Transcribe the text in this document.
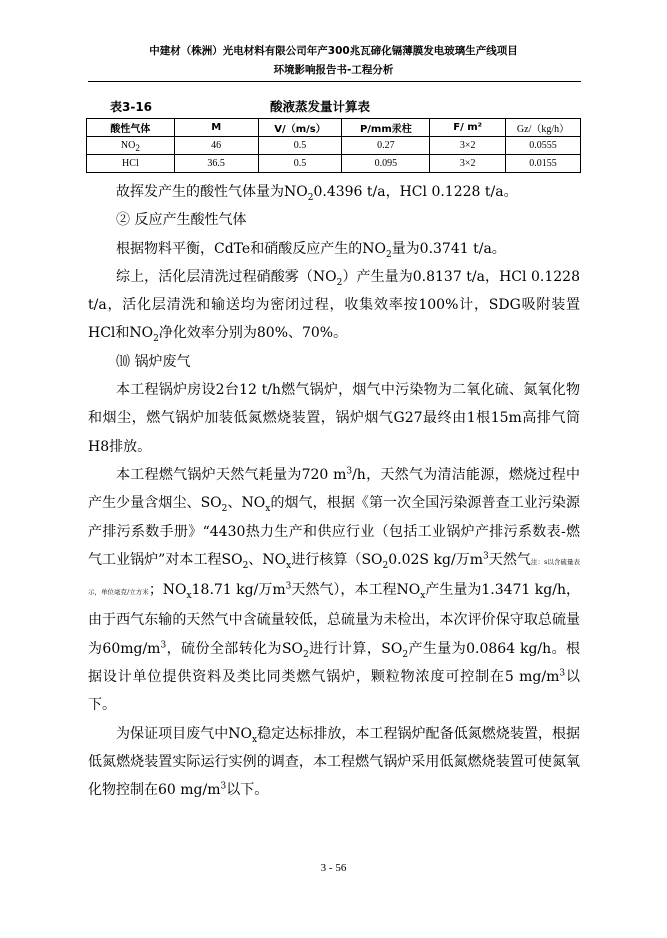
中建材（株洲）光电材料有限公司年产300兆瓦碲化镉薄膜发电玻璃生产线项目
环境影响报告书-工程分析
表3-16	酸液蒸发量计算表
酸性气体	M	V/（m/s）	P/mm汞柱	F/ m²	Gz/（kg/h）
$NO_2$	46	0.5	0.27	3×2	0.0555
HCl	36.5	0.5	0.095	3×2	0.0155

故挥发产生的酸性气体量为$NO_20.4396$ t/a，HCl 0.1228 t/a。

② 反应产生酸性气体

根据物料平衡，CdTe和硝酸反应产生的$NO_2$量为0.3741 t/a。

综上，活化层清洗过程硝酸雾$(NO_2)$产生量为0.8137 t/a，HCl 0.1228 t/a，活化层清洗和输送均为密闭过程，收集效率按100%计，SDG吸附装置HCl和$NO_2$净化效率分别为80%、70%。

⑽ 锅炉废气

本工程锅炉房设2台12 t/h燃气锅炉，烟气中污染物为二氧化硫、氮氧化物和烟尘，燃气锅炉加装低氮燃烧装置，锅炉烟气G27最终由1根15m高排气筒H8排放。

本工程燃气锅炉天然气耗量为720 $m^3/h$，天然气为清洁能源，燃烧过程中产生少量含烟尘、$SO_2$、$NO_x$的烟气，根据《第一次全国污染源普查工业污染源产排污系数手册》“4430热力生产和供应行业（包括工业锅炉产排污系数表-燃气工业锅炉”对本工程$SO_2$、$NO_x$进行核算（$SO_20.02S$ kg/万$m^3$天然气注：s以含硫量表示，单位毫克/立方米；$NO_x18.71$ kg/万$m^3$天然气），本工程$NO_x$产生量为1.3471 kg/h，由于西气东输的天然气中含硫量较低，总硫量为未检出，本次评价保守取总硫量为$60mg/m^3$，硫份全部转化为$SO_2$进行计算，$SO_2$产生量为0.0864 kg/h。根据设计单位提供资料及类比同类燃气锅炉，颗粒物浓度可控制在5 $mg/m^3$以下。

为保证项目废气中$NO_x$稳定达标排放，本工程锅炉配备低氮燃烧装置，根据低氮燃烧装置实际运行实例的调查，本工程燃气锅炉采用低氮燃烧装置可使氮氧化物控制在60 $mg/m^3$以下。

3 - 56
